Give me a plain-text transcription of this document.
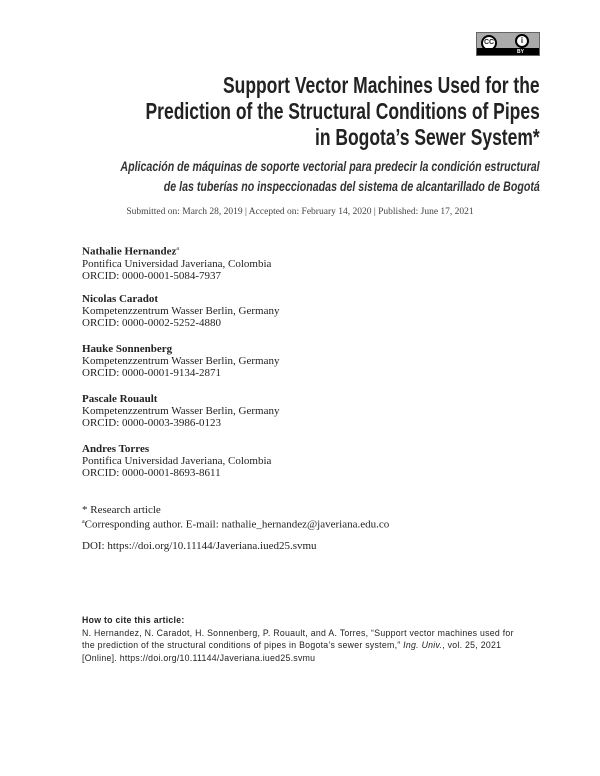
CC	i
BY
Support Vector Machines Used for the
Prediction of the Structural Conditions of Pipes
in Bogota’s Sewer System*
Aplicación de máquinas de soporte vectorial para predecir la condición estructural
de las tuberías no inspeccionadas del sistema de alcantarillado de Bogotá
Submitted on: March 28, 2019 | Accepted on: February 14, 2020 | Published: June 17, 2021
Nathalie Hernandez$^a$
Pontifica Universidad Javeriana, Colombia
ORCID: 0000-0001-5084-7937
Nicolas Caradot
Kompetenzzentrum Wasser Berlin, Germany
ORCID: 0000-0002-5252-4880
Hauke Sonnenberg
Kompetenzzentrum Wasser Berlin, Germany
ORCID: 0000-0001-9134-2871
Pascale Rouault
Kompetenzzentrum Wasser Berlin, Germany
ORCID: 0000-0003-3986-0123
Andres Torres
Pontifica Universidad Javeriana, Colombia
ORCID: 0000-0001-8693-8611
* Research article
$^a$Corresponding author. E-mail: nathalie_hernandez@javeriana.edu.co
DOI: https://doi.org/10.11144/Javeriana.iued25.svmu
How to cite this article:
N. Hernandez, N. Caradot, H. Sonnenberg, P. Rouault, and A. Torres, “Support vector machines used for the prediction of the structural conditions of pipes in Bogota’s sewer system,” Ing. Univ., vol. 25, 2021 [Online]. https://doi.org/10.11144/Javeriana.iued25.svmu
